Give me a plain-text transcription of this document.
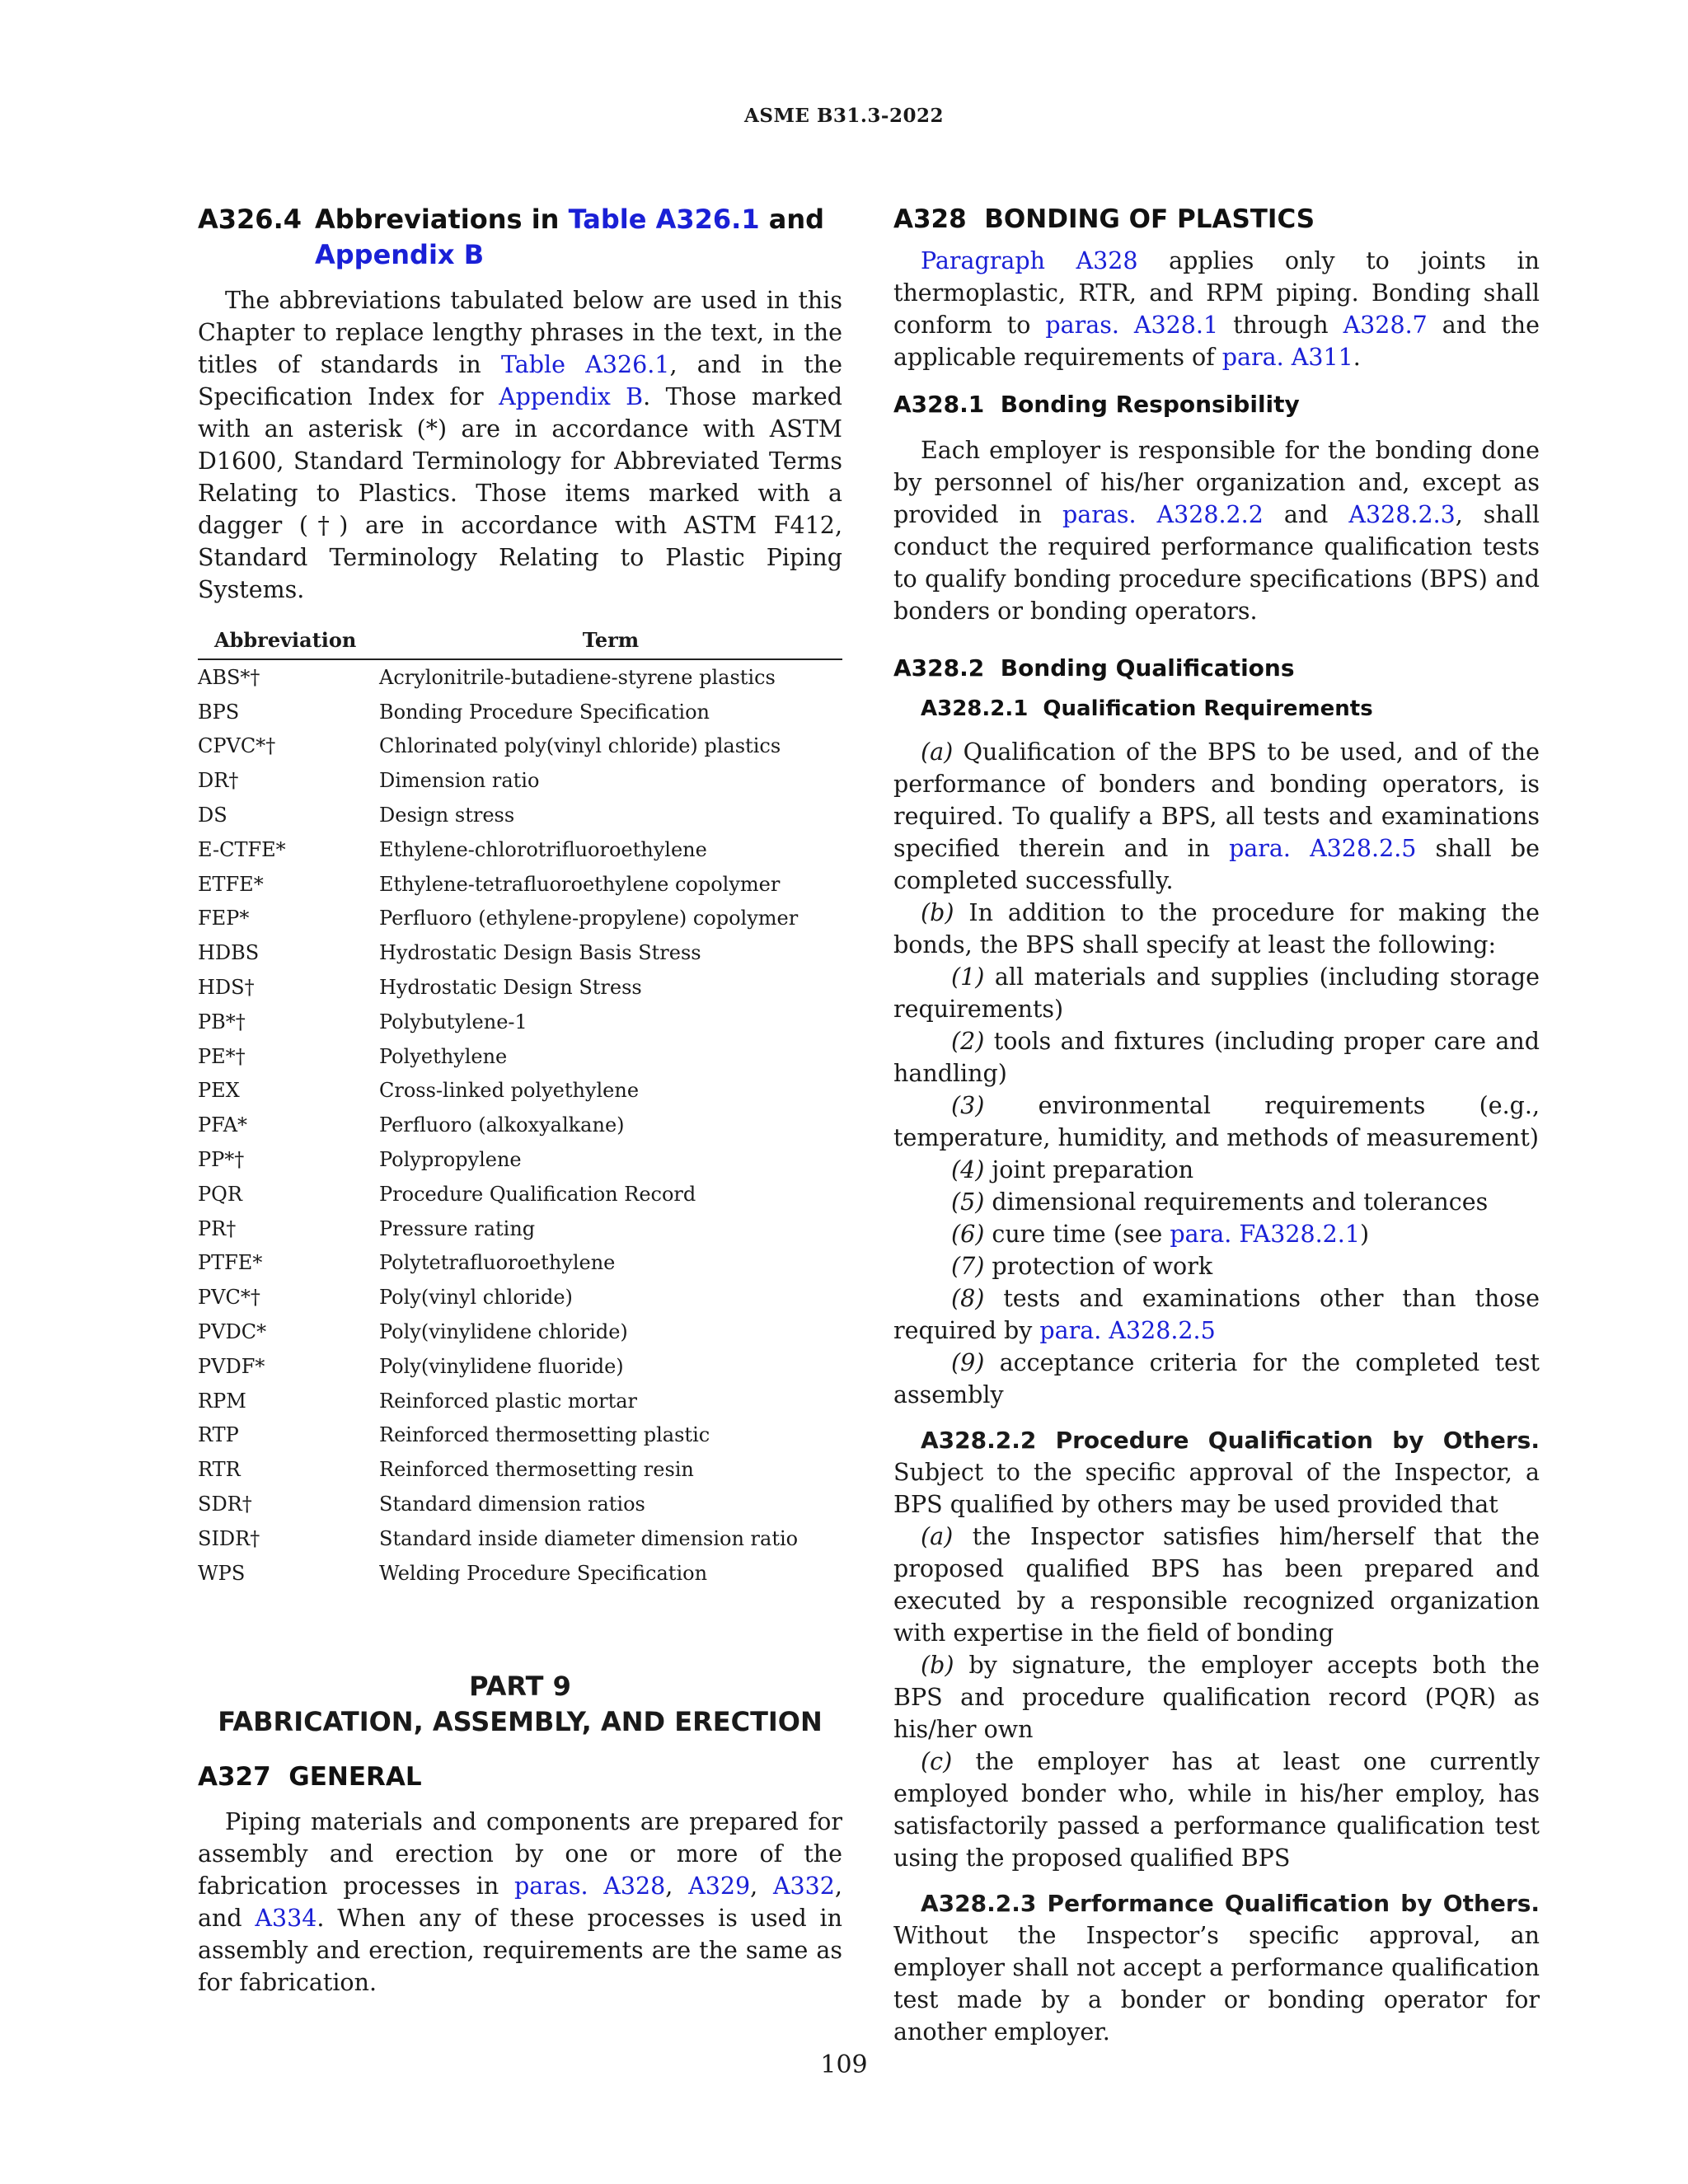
ASME B31.3-2022
A326.4 Abbreviations in Table A326.1 and
Appendix B

The abbreviations tabulated below are used in this Chapter to replace lengthy phrases in the text, in the titles of standards in Table A326.1, and in the Specification Index for Appendix B. Those marked with an asterisk (*) are in accordance with ASTM D1600, Standard Terminology for Abbreviated Terms Relating to Plastics. Those items marked with a dagger (†) are in accordance with ASTM F412, Standard Terminology Relating to Plastic Piping Systems.

Abbreviation	Term
ABS*†	Acrylonitrile-butadiene-styrene plastics
BPS	Bonding Procedure Specification
CPVC*†	Chlorinated poly(vinyl chloride) plastics
DR†	Dimension ratio
DS	Design stress
E-CTFE*	Ethylene-chlorotrifluoroethylene
ETFE*	Ethylene-tetrafluoroethylene copolymer
FEP*	Perfluoro (ethylene-propylene) copolymer
HDBS	Hydrostatic Design Basis Stress
HDS†	Hydrostatic Design Stress
PB*†	Polybutylene-1
PE*†	Polyethylene
PEX	Cross-linked polyethylene
PFA*	Perfluoro (alkoxyalkane)
PP*†	Polypropylene
PQR	Procedure Qualification Record
PR†	Pressure rating
PTFE*	Polytetrafluoroethylene
PVC*†	Poly(vinyl chloride)
PVDC*	Poly(vinylidene chloride)
PVDF*	Poly(vinylidene fluoride)
RPM	Reinforced plastic mortar
RTP	Reinforced thermosetting plastic
RTR	Reinforced thermosetting resin
SDR†	Standard dimension ratios
SIDR†	Standard inside diameter dimension ratio
WPS	Welding Procedure Specification

PART 9

FABRICATION, ASSEMBLY, AND ERECTION

A327  GENERAL

Piping materials and components are prepared for assembly and erection by one or more of the fabrication processes in paras. A328, A329, A332, and A334. When any of these processes is used in assembly and erection, requirements are the same as for fabrication.

A328  BONDING OF PLASTICS

Paragraph A328 applies only to joints in thermoplastic, RTR, and RPM piping. Bonding shall conform to paras. A328.1 through A328.7 and the applicable requirements of para. A311.

A328.1  Bonding Responsibility

Each employer is responsible for the bonding done by personnel of his/her organization and, except as provided in paras. A328.2.2 and A328.2.3, shall conduct the required performance qualification tests to qualify bonding procedure specifications (BPS) and bonders or bonding operators.

A328.2  Bonding Qualifications

A328.2.1  Qualification Requirements

(a) Qualification of the BPS to be used, and of the performance of bonders and bonding operators, is required. To qualify a BPS, all tests and examinations specified therein and in para. A328.2.5 shall be completed successfully.

(b) In addition to the procedure for making the bonds, the BPS shall specify at least the following:

(1) all materials and supplies (including storage requirements)

(2) tools and fixtures (including proper care and handling)

(3) environmental requirements (e.g., temperature, humidity, and methods of measurement)

(4) joint preparation

(5) dimensional requirements and tolerances

(6) cure time (see para. FA328.2.1)

(7) protection of work

(8) tests and examinations other than those required by para. A328.2.5

(9) acceptance criteria for the completed test assembly

A328.2.2 Procedure Qualification by Others. Subject to the specific approval of the Inspector, a BPS qualified by others may be used provided that

(a) the Inspector satisfies him/herself that the proposed qualified BPS has been prepared and executed by a responsible recognized organization with expertise in the field of bonding

(b) by signature, the employer accepts both the BPS and procedure qualification record (PQR) as his/her own

(c) the employer has at least one currently employed bonder who, while in his/her employ, has satisfactorily passed a performance qualification test using the proposed qualified BPS

A328.2.3 Performance Qualification by Others. Without the Inspector’s specific approval, an employer shall not accept a performance qualification test made by a bonder or bonding operator for another employer.

109
